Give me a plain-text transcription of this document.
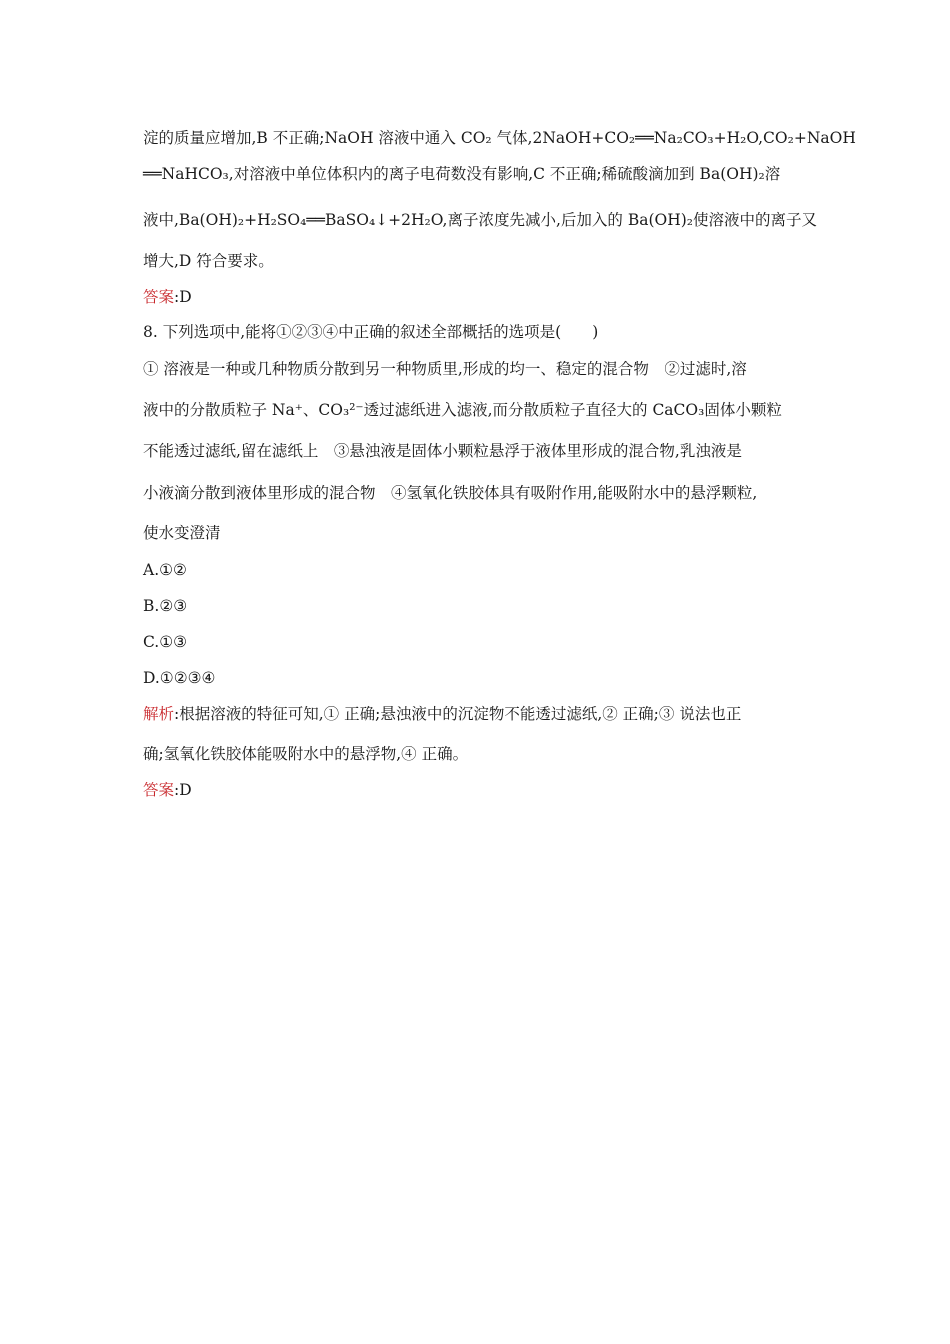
淀的质量应增加,B 不正确;NaOH 溶液中通入 CO₂ 气体,2NaOH+CO₂══Na₂CO₃+H₂O,CO₂+NaOH

══NaHCO₃,对溶液中单位体积内的离子电荷数没有影响,C 不正确;稀硫酸滴加到 Ba(OH)₂溶

液中,Ba(OH)₂+H₂SO₄══BaSO₄↓+2H₂O,离子浓度先减小,后加入的 Ba(OH)₂使溶液中的离子又

增大,D 符合要求。

答案:D

8. 下列选项中,能将①②③④中正确的叙述全部概括的选项是(　　)

① 溶液是一种或几种物质分散到另一种物质里,形成的均一、稳定的混合物　②过滤时,溶

液中的分散质粒子 Na⁺、CO₃²⁻透过滤纸进入滤液,而分散质粒子直径大的 CaCO₃固体小颗粒

不能透过滤纸,留在滤纸上　③悬浊液是固体小颗粒悬浮于液体里形成的混合物,乳浊液是

小液滴分散到液体里形成的混合物　④氢氧化铁胶体具有吸附作用,能吸附水中的悬浮颗粒,

使水变澄清

A.①②

B.②③

C.①③

D.①②③④

解析:根据溶液的特征可知,① 正确;悬浊液中的沉淀物不能透过滤纸,② 正确;③ 说法也正

确;氢氧化铁胶体能吸附水中的悬浮物,④ 正确。

答案:D
